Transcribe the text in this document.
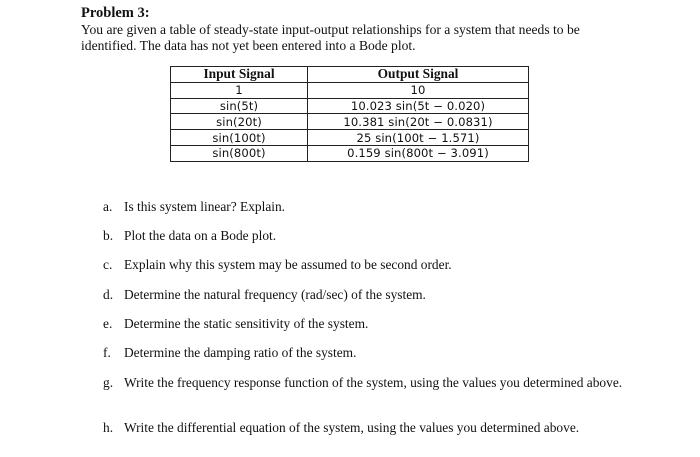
Problem 3:
You are given a table of steady-state input-output relationships for a system that needs to be identified. The data has not yet been entered into a Bode plot.
Input Signal	Output Signal
1	10
sin(5t)	10.023 sin(5t − 0.020)
sin(20t)	10.381 sin(20t − 0.0831)
sin(100t)	25 sin(100t − 1.571)
sin(800t)	0.159 sin(800t − 3.091)
a. Is this system linear? Explain.
b. Plot the data on a Bode plot.
c. Explain why this system may be assumed to be second order.
d. Determine the natural frequency (rad/sec) of the system.
e. Determine the static sensitivity of the system.
f. Determine the damping ratio of the system.
g. Write the frequency response function of the system, using the values you determined above.
h. Write the differential equation of the system, using the values you determined above.
